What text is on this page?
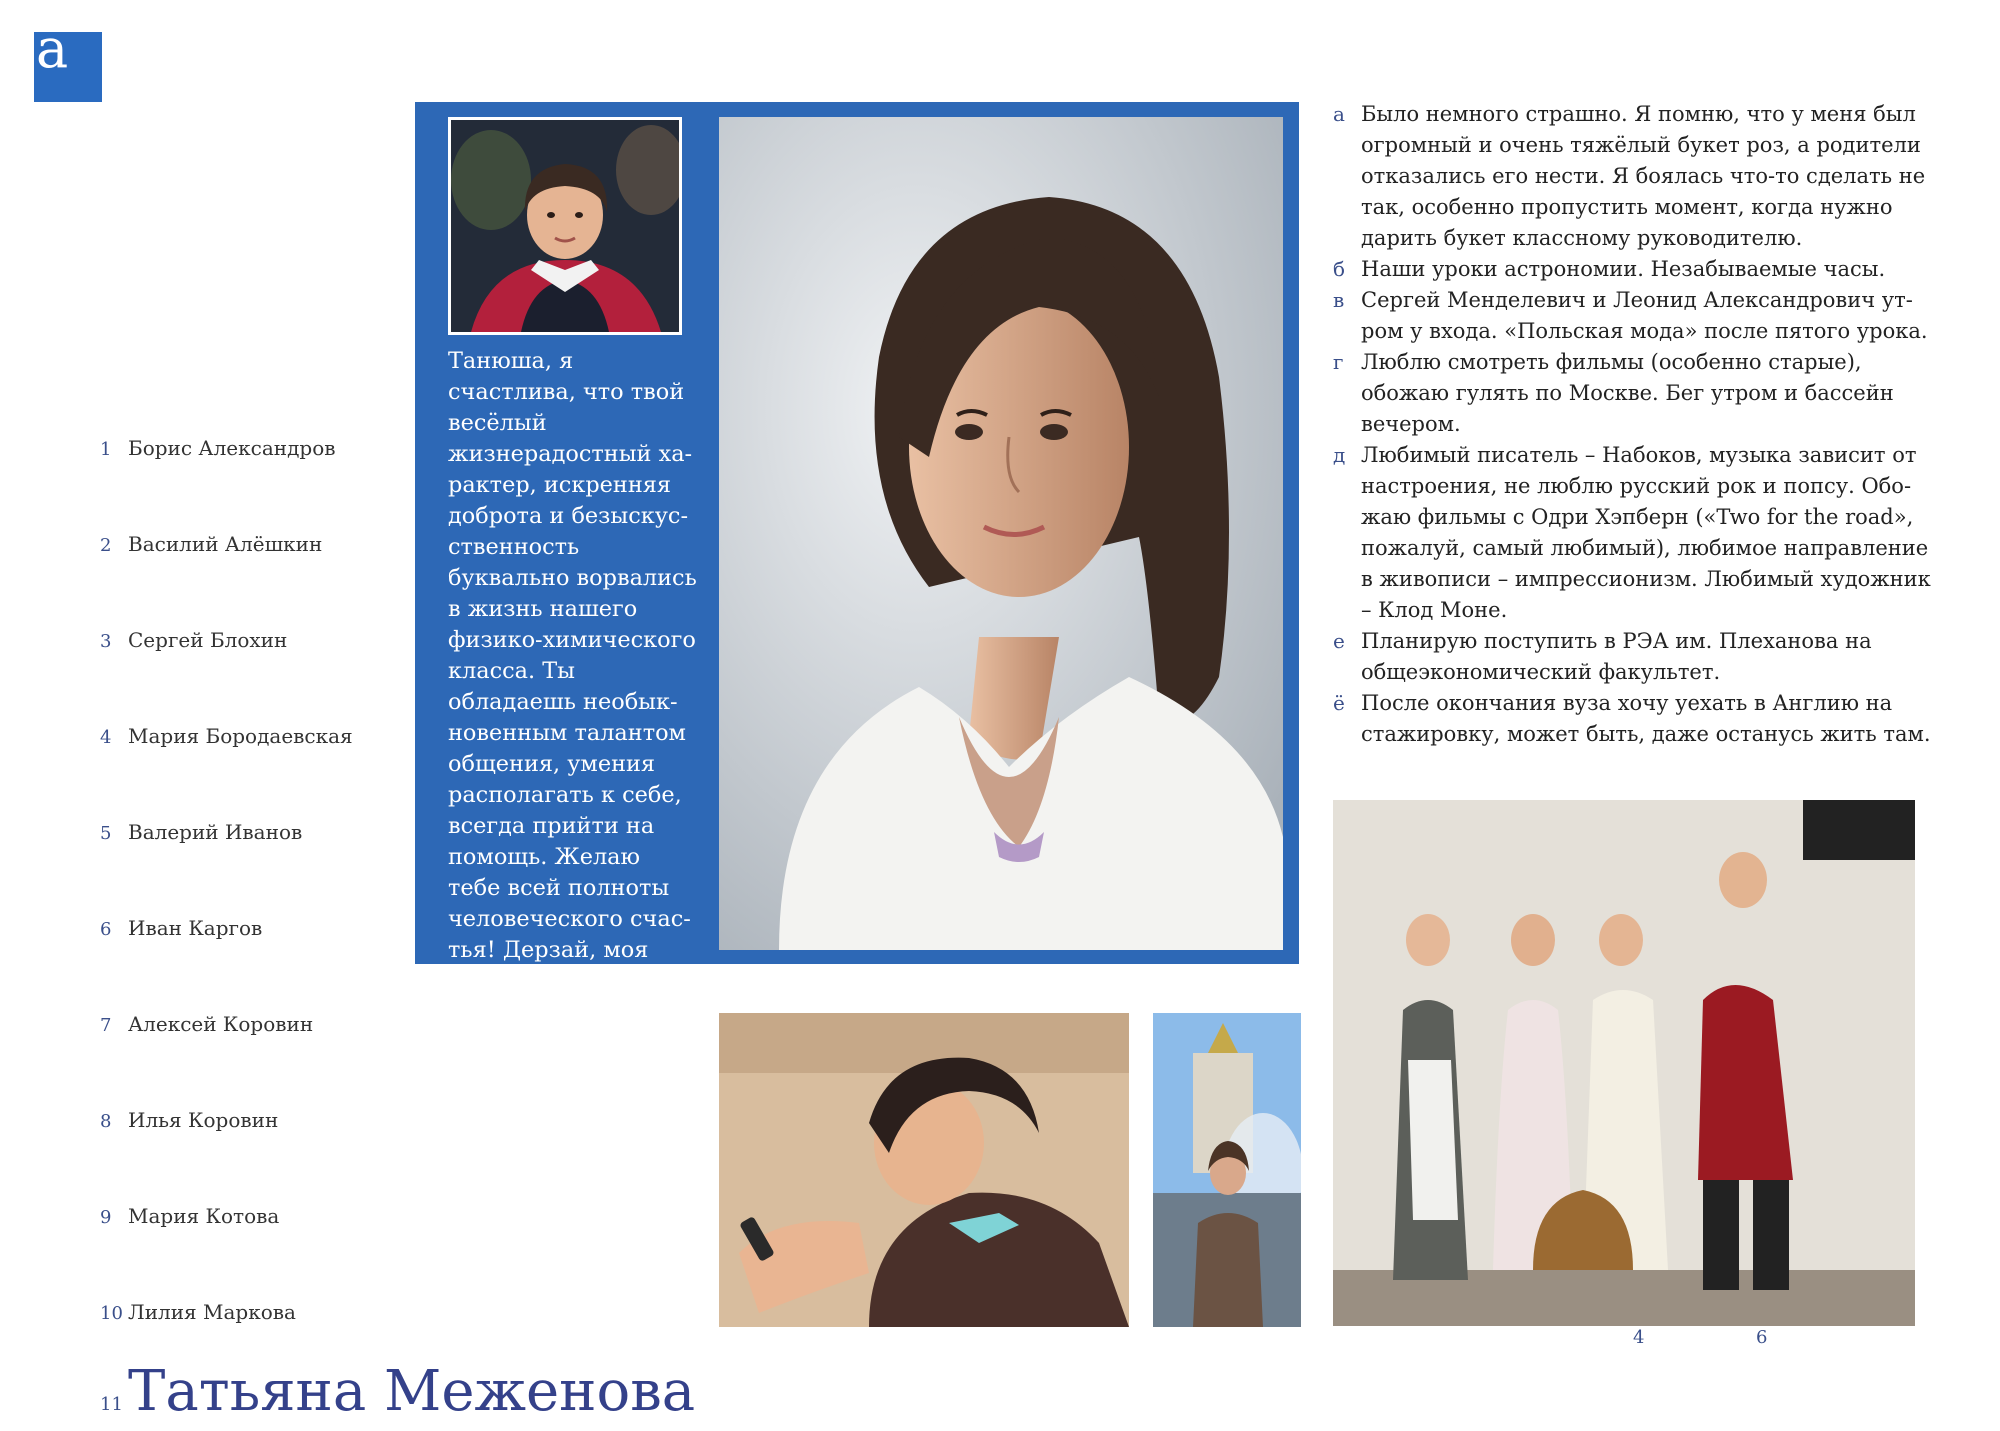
а
1 Борис Александров
2 Василий Алёшкин
3 Сергей Блохин
4 Мария Бородаевская
5 Валерий Иванов
6 Иван Каргов
7 Алексей Коровин
8 Илья Коровин
9 Мария Котова
10 Лилия Маркова
11Татьяна Меженова
Танюша, я счастлива, что твой весёлый жизнерадостный характер, искренняя доброта и безыскусственность буквально ворвались в жизнь нашего физико-химического класса. Ты обладаешь необыкновенным талантом общения, умения располагать к себе, всегда прийти на помощь. Желаю тебе всей полноты человеческого счастья! Дерзай, моя милая девочка!
а Было немного страшно. Я помню, что у меня был огромный и очень тяжёлый букет роз, а родители отказались его нести. Я боялась что-то сделать не так, особенно пропустить момент, когда нужно дарить букет классному руководителю.
б Наши уроки астрономии. Незабываемые часы.
в Сергей Менделевич и Леонид Александрович утром у входа. «Польская мода» после пятого урока.
г Люблю смотреть фильмы (особенно старые), обожаю гулять по Москве. Бег утром и бассейн вечером.
д Любимый писатель – Набоков, музыка зависит от настроения, не люблю русский рок и попсу. Обожаю фильмы с Одри Хэпберн («Two for the road», пожалуй, самый любимый), любимое направление в живописи – импрессионизм. Любимый художник – Клод Моне.
е Планирую поступить в РЭА им. Плеханова на общеэкономический факультет.
ё После окончания вуза хочу уехать в Англию на стажировку, может быть, даже останусь жить там.
4	6
